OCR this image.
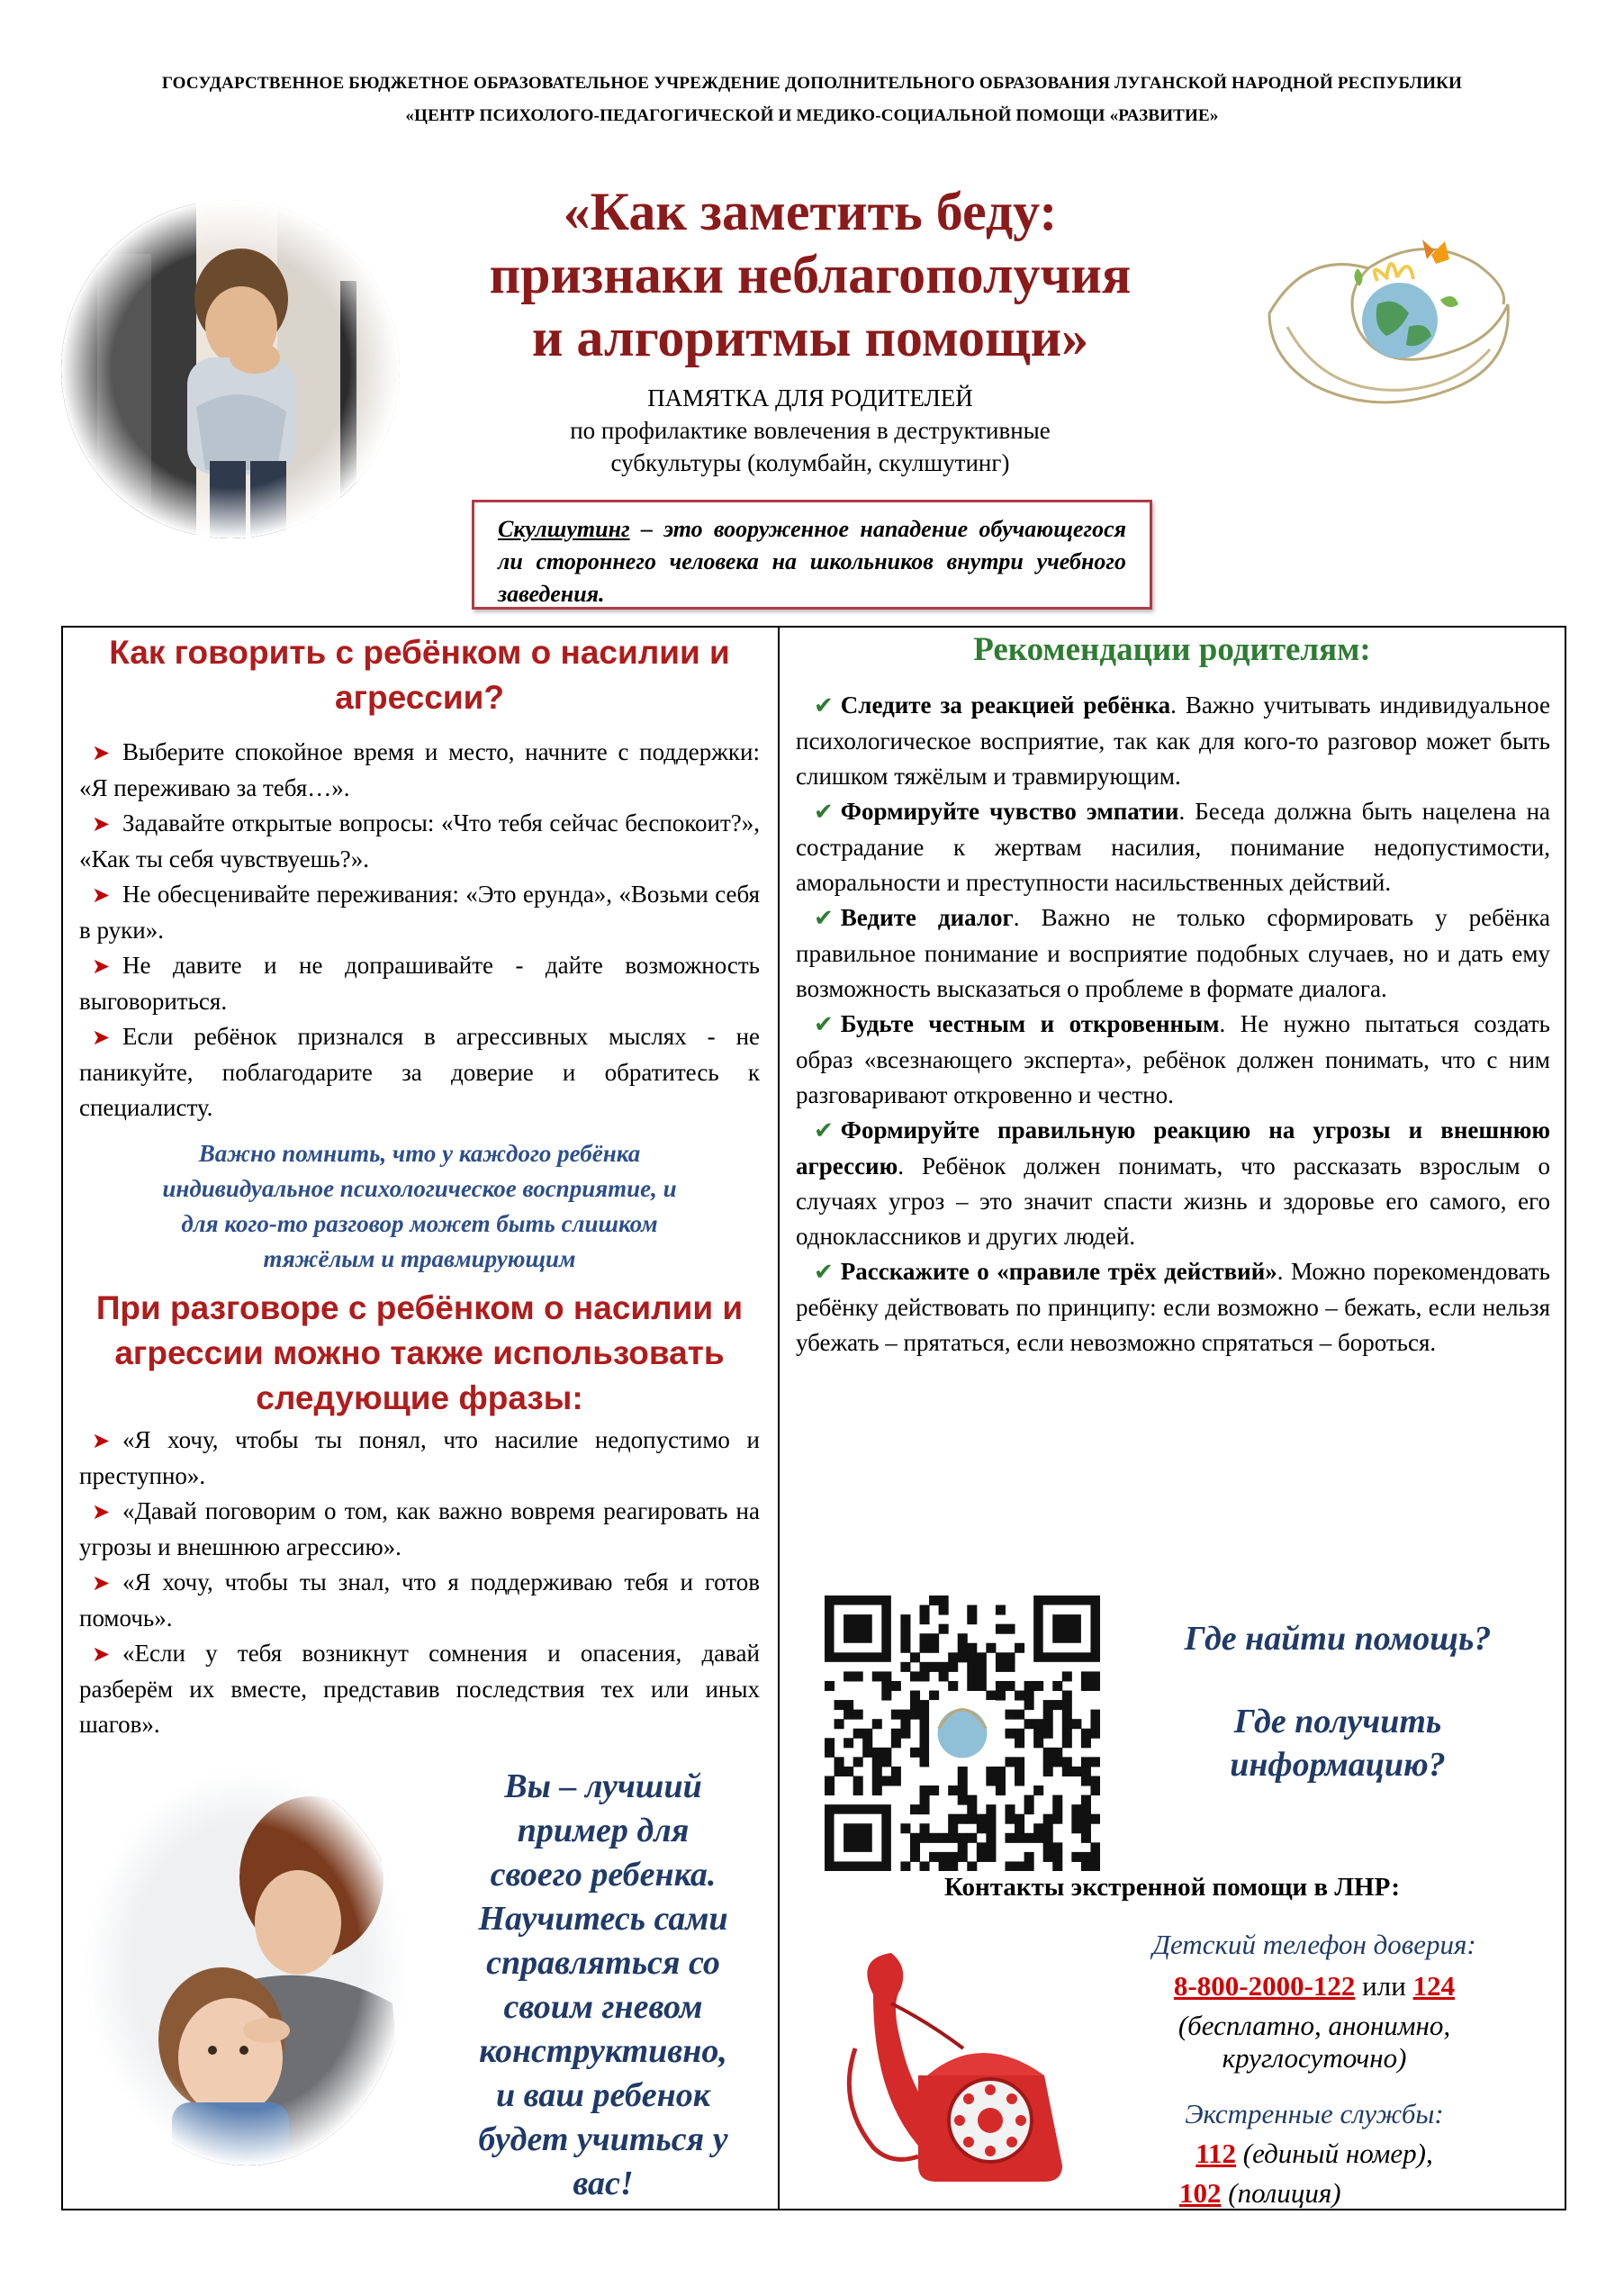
ГОСУДАРСТВЕННОЕ БЮДЖЕТНОЕ ОБРАЗОВАТЕЛЬНОЕ УЧРЕЖДЕНИЕ ДОПОЛНИТЕЛЬНОГО ОБРАЗОВАНИЯ ЛУГАНСКОЙ НАРОДНОЙ РЕСПУБЛИКИ
«ЦЕНТР ПСИХОЛОГО-ПЕДАГОГИЧЕСКОЙ И МЕДИКО-СОЦИАЛЬНОЙ ПОМОЩИ «РАЗВИТИЕ»
«Как заметить беду:
признаки неблагополучия
и алгоритмы помощи»
ПАМЯТКА ДЛЯ РОДИТЕЛЕЙ
по профилактике вовлечения в деструктивные
субкультуры (колумбайн, скулшутинг)
Скулшутинг – это вооруженное нападение обучающегося ли стороннего человека на школьников внутри учебного заведения.
Как говорить с ребёнком о насилии и
агрессии?
➤ Выберите спокойное время и место, начните с поддержки: «Я переживаю за тебя…».
➤ Задавайте открытые вопросы: «Что тебя сейчас беспокоит?», «Как ты себя чувствуешь?».
➤ Не обесценивайте переживания: «Это ерунда», «Возьми себя в руки».
➤ Не давите и не допрашивайте - дайте возможность выговориться.
➤ Если ребёнок признался в агрессивных мыслях - не паникуйте, поблагодарите за доверие и обратитесь к специалисту.
Важно помнить, что у каждого ребёнка
индивидуальное психологическое восприятие, и
для кого-то разговор может быть слишком
тяжёлым и травмирующим
При разговоре с ребёнком о насилии и
агрессии можно также использовать
следующие фразы:
➤ «Я хочу, чтобы ты понял, что насилие недопустимо и преступно».
➤ «Давай поговорим о том, как важно вовремя реагировать на угрозы и внешнюю агрессию».
➤ «Я хочу, чтобы ты знал, что я поддерживаю тебя и готов помочь».
➤ «Если у тебя возникнут сомнения и опасения, давай разберём их вместе, представив последствия тех или иных шагов».
Вы – лучший
пример для
своего ребенка.
Научитесь сами
справляться со
своим гневом
конструктивно,
и ваш ребенок
будет учиться у
вас!
Рекомендации родителям:
✔ Следите за реакцией ребёнка. Важно учитывать индивидуальное психологическое восприятие, так как для кого-то разговор может быть слишком тяжёлым и травмирующим.
✔ Формируйте чувство эмпатии. Беседа должна быть нацелена на сострадание к жертвам насилия, понимание недопустимости, аморальности и преступности насильственных действий.
✔ Ведите диалог. Важно не только сформировать у ребёнка правильное понимание и восприятие подобных случаев, но и дать ему возможность высказаться о проблеме в формате диалога.
✔ Будьте честным и откровенным. Не нужно пытаться создать образ «всезнающего эксперта», ребёнок должен понимать, что с ним разговаривают откровенно и честно.
✔ Формируйте правильную реакцию на угрозы и внешнюю агрессию. Ребёнок должен понимать, что рассказать взрослым о случаях угроз – это значит спасти жизнь и здоровье его самого, его одноклассников и других людей.
✔ Расскажите о «правиле трёх действий». Можно порекомендовать ребёнку действовать по принципу: если возможно – бежать, если нельзя убежать – прятаться, если невозможно спрятаться – бороться.
Где найти помощь?
Где получить
информацию?
Контакты экстренной помощи в ЛНР:
Детский телефон доверия:
8-800-2000-122 или 124
(бесплатно, анонимно,
круглосуточно)
Экстренные службы:
112 (единый номер),
102 (полиция)
